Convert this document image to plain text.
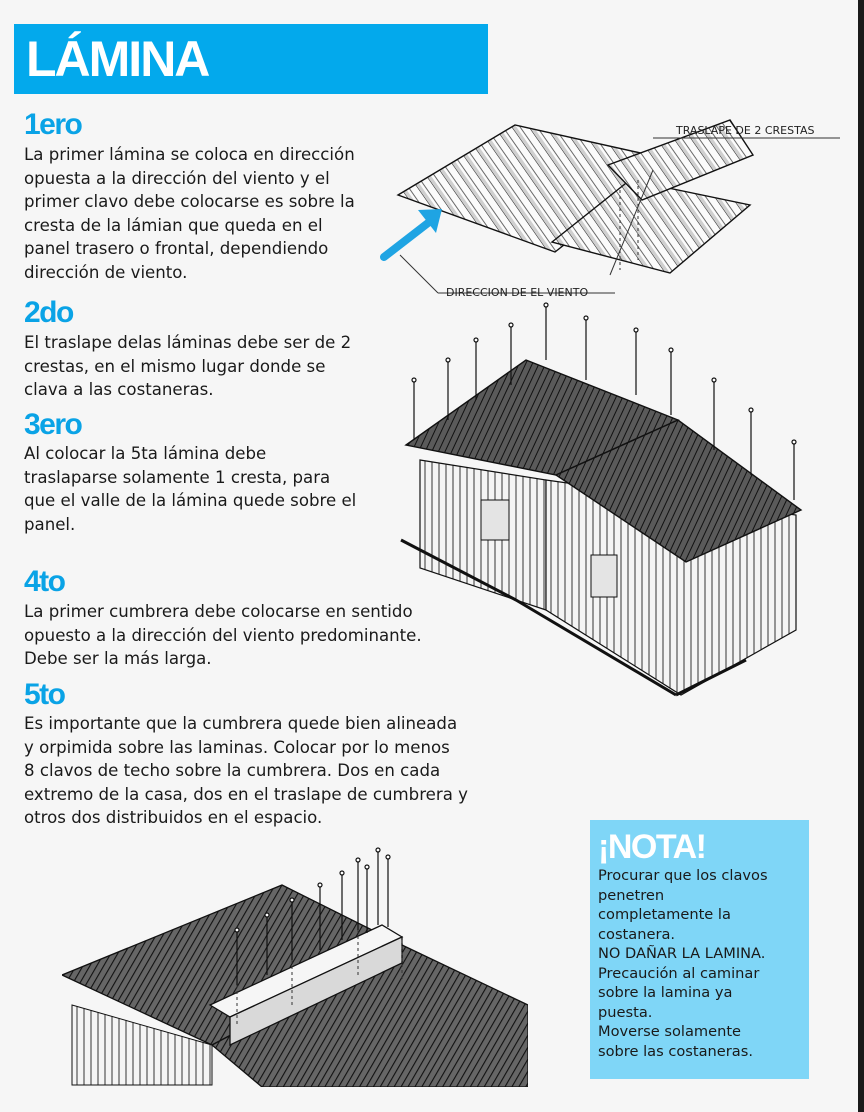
LÁMINA
1ero
La primer lámina se coloca en dirección
opuesta a la dirección del viento y el
primer clavo debe colocarse es sobre la
cresta de la lámian que queda en el
panel trasero o frontal, dependiendo
dirección de viento.
2do
El traslape delas láminas debe ser de 2
crestas, en el mismo lugar donde se
clava a las costaneras.
3ero
Al colocar la 5ta lámina debe
traslaparse solamente 1 cresta, para
que el valle de la lámina quede sobre el
panel.
4to
La primer cumbrera debe colocarse en sentido
opuesto a la dirección del viento predominante.
Debe ser la más larga.
5to
Es importante que la cumbrera quede bien alineada
y orpimida sobre las laminas. Colocar por lo menos
8 clavos de techo sobre la cumbrera. Dos en cada
extremo de la casa, dos en el traslape de cumbrera y
otros dos distribuidos en el espacio.
TRASLAPE DE 2 CRESTAS
DIRECCION DE EL VIENTO
¡NOTA!
Procurar que los clavos
penetren
completamente la
costanera.
NO DAÑAR LA LAMINA.
Precaución al caminar
sobre la lamina ya
puesta.
Moverse solamente
sobre las costaneras.
